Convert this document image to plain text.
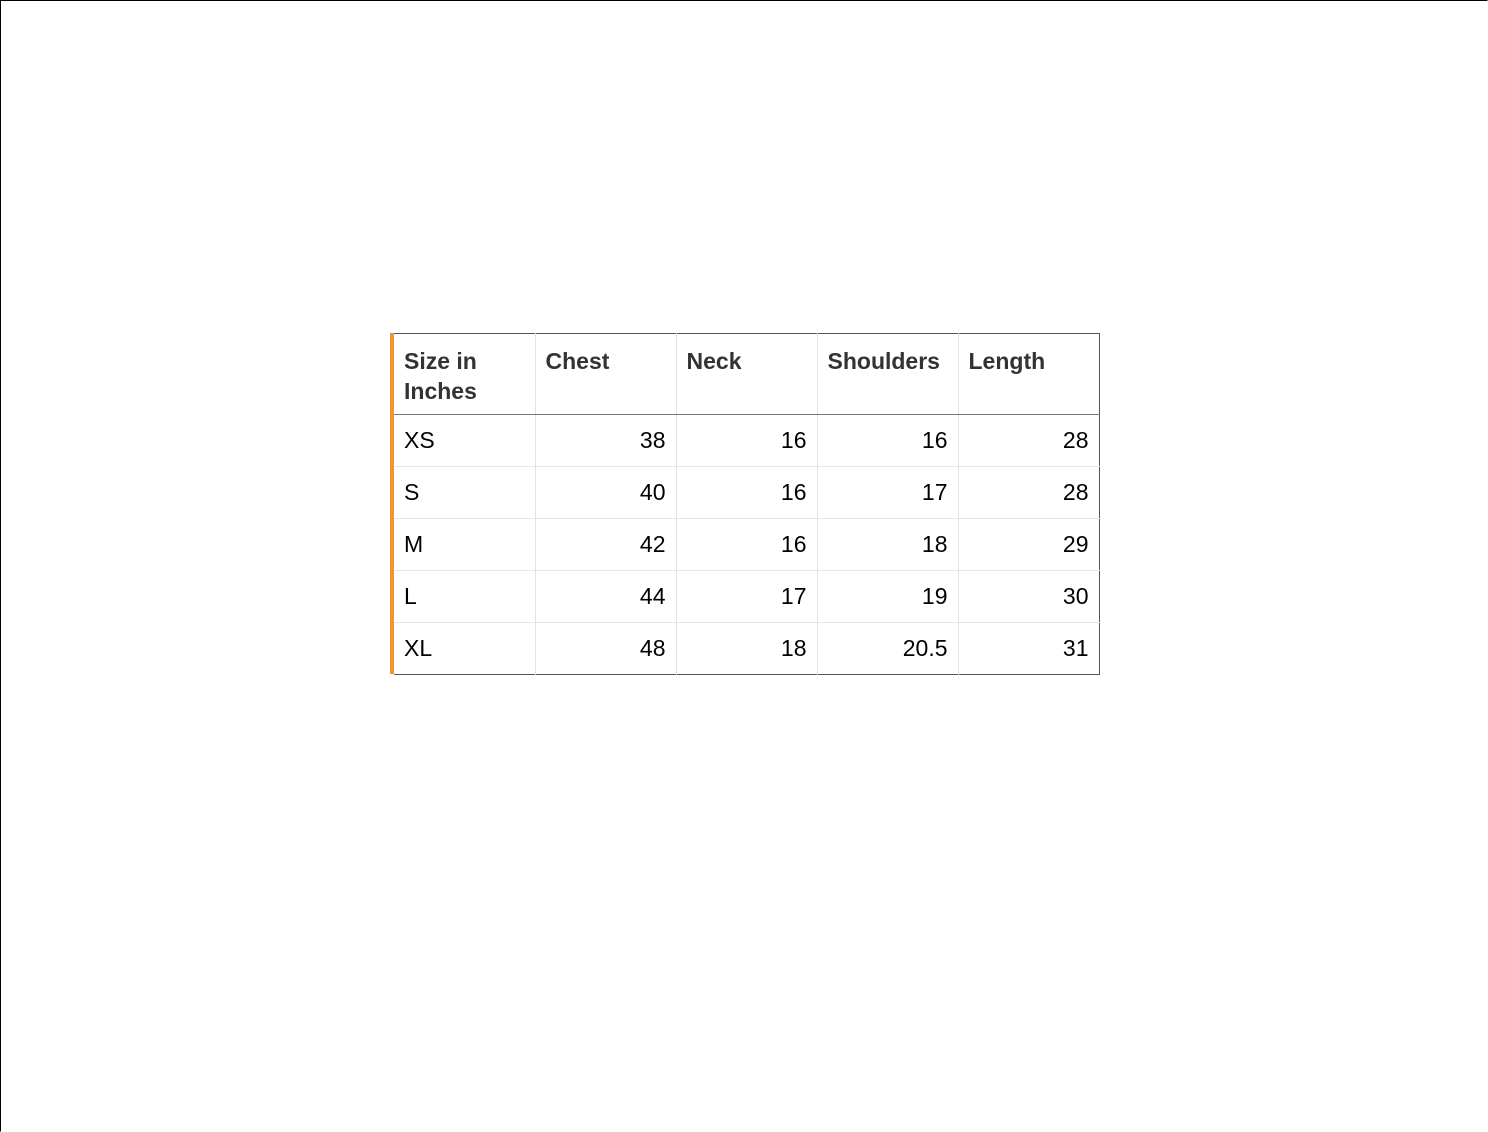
Size in Inches	Chest	Neck	Shoulders	Length
XS	38	16	16	28
S	40	16	17	28
M	42	16	18	29
L	44	17	19	30
XL	48	18	20.5	31
